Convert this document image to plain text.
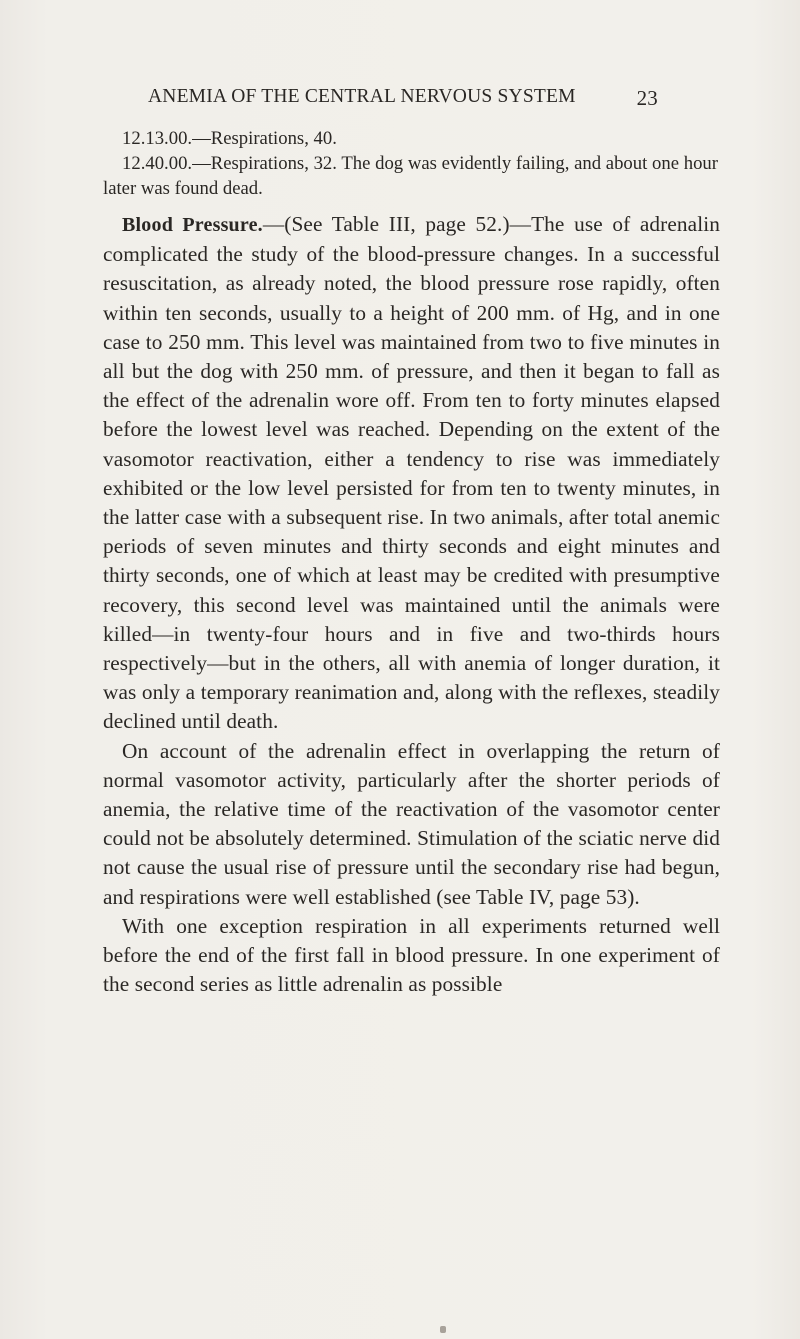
ANEMIA OF THE CENTRAL NERVOUS SYSTEM	23

12.13.00.—Respirations, 40.

12.40.00.—Respirations, 32. The dog was evidently failing, and about one hour later was found dead.

Blood Pressure.—(See Table III, page 52.)—The use of adrenalin complicated the study of the blood-pressure changes. In a successful resuscitation, as already noted, the blood pressure rose rapidly, often within ten seconds, usually to a height of 200 mm. of Hg, and in one case to 250 mm. This level was maintained from two to five minutes in all but the dog with 250 mm. of pressure, and then it began to fall as the effect of the adrenalin wore off. From ten to forty minutes elapsed before the lowest level was reached. Depending on the extent of the vasomotor reactivation, either a tendency to rise was immediately exhibited or the low level persisted for from ten to twenty minutes, in the latter case with a subsequent rise. In two animals, after total anemic periods of seven minutes and thirty seconds and eight minutes and thirty seconds, one of which at least may be credited with presumptive recovery, this second level was maintained until the animals were killed—in twenty-four hours and in five and two-thirds hours respectively—but in the others, all with anemia of longer duration, it was only a temporary reanimation and, along with the reflexes, steadily declined until death.

On account of the adrenalin effect in overlapping the return of normal vasomotor activity, particularly after the shorter periods of anemia, the relative time of the reactivation of the vasomotor center could not be absolutely determined. Stimulation of the sciatic nerve did not cause the usual rise of pressure until the secondary rise had begun, and respirations were well established (see Table IV, page 53).

With one exception respiration in all experiments returned well before the end of the first fall in blood pressure. In one experiment of the second series as little adrenalin as possible
